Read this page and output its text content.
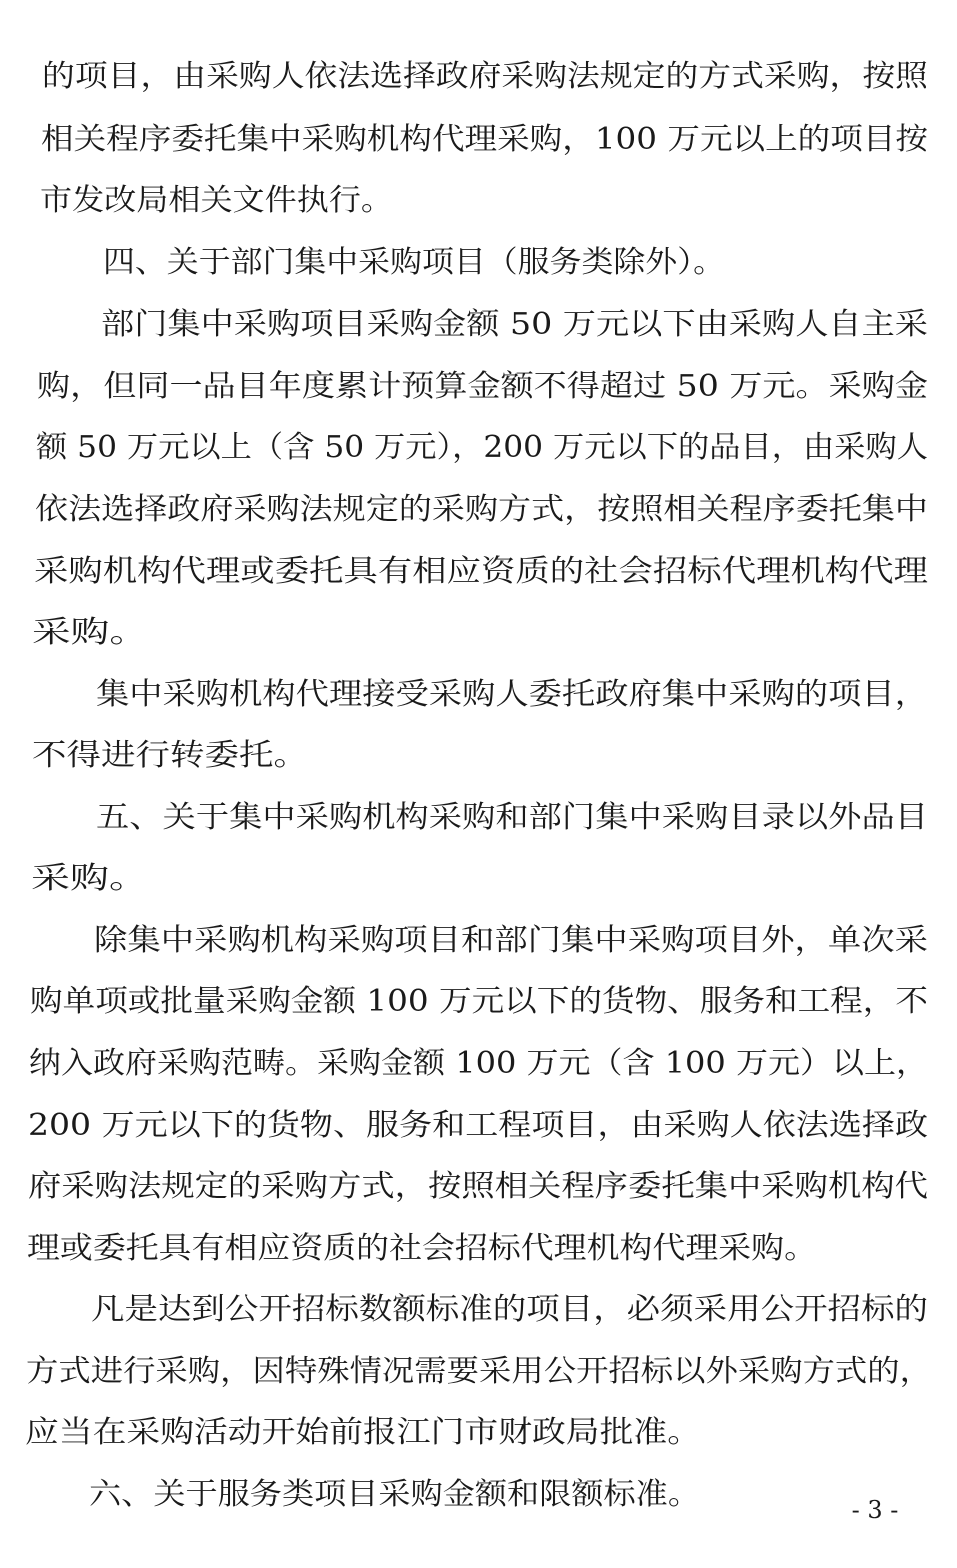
的项目，由采购人依法选择政府采购法规定的方式采购，按照
相关程序委托集中采购机构代理采购，100 万元以上的项目按
市发改局相关文件执行。
四、关于部门集中采购项目（服务类除外）。
部门集中采购项目采购金额 50 万元以下由采购人自主采
购，但同一品目年度累计预算金额不得超过 50 万元。采购金
额 50 万元以上（含 50 万元），200 万元以下的品目，由采购人
依法选择政府采购法规定的采购方式，按照相关程序委托集中
采购机构代理或委托具有相应资质的社会招标代理机构代理
采购。
集中采购机构代理接受采购人委托政府集中采购的项目，
不得进行转委托。
五、关于集中采购机构采购和部门集中采购目录以外品目
采购。
除集中采购机构采购项目和部门集中采购项目外，单次采
购单项或批量采购金额 100 万元以下的货物、服务和工程，不
纳入政府采购范畴。采购金额 100 万元（含 100 万元）以上，
200 万元以下的货物、服务和工程项目，由采购人依法选择政
府采购法规定的采购方式，按照相关程序委托集中采购机构代
理或委托具有相应资质的社会招标代理机构代理采购。
凡是达到公开招标数额标准的项目，必须采用公开招标的
方式进行采购，因特殊情况需要采用公开招标以外采购方式的，
应当在采购活动开始前报江门市财政局批准。
六、关于服务类项目采购金额和限额标准。	- 3 -
